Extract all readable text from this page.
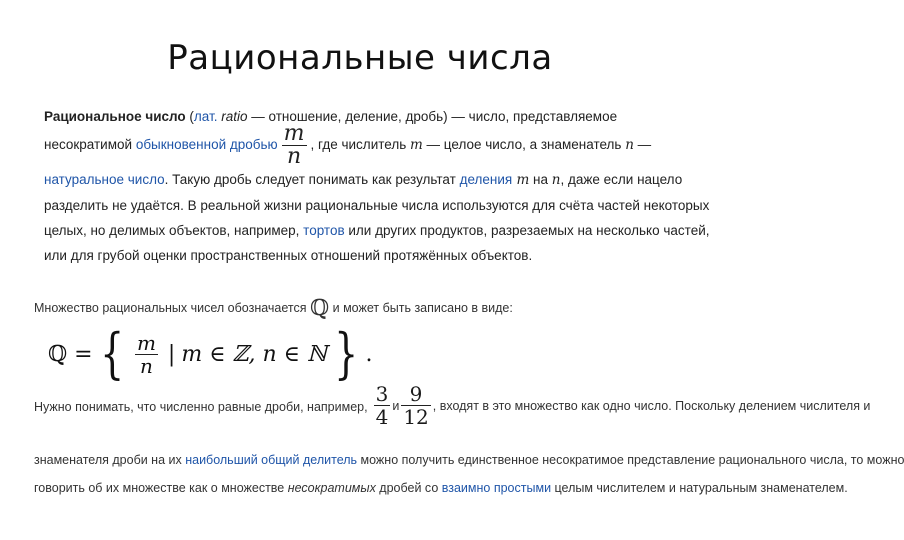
Рациональные числа
Рациональное число (лат. ratio — отношение, деление, дробь) — число, представляемое
несократимой обыкновенной дробью $\frac{m}{n}$ , где числитель m — целое число, а знаменатель n —
натуральное число. Такую дробь следует понимать как результат деления m на n, даже если нацело
разделить не удаётся. В реальной жизни рациональные числа используются для счёта частей некоторых
целых, но делимых объектов, например, тортов или других продуктов, разрезаемых на несколько частей,
или для грубой оценки пространственных отношений протяжённых объектов.
Множество рациональных чисел обозначается ℚ и может быть записано в виде:
ℚ = { $\frac{m}{n}$ | m ∈ ℤ, n ∈ ℕ } .
Нужно понимать, что численно равные дроби, например, $\frac{3}{4}$ и $\frac{9}{12}$ , входят в это множество как одно число. Поскольку делением числителя и
знаменателя дроби на их наибольший общий делитель можно получить единственное несократимое представление рационального числа, то можно
говорить об их множестве как о множестве несократимых дробей со взаимно простыми целым числителем и натуральным знаменателем.
